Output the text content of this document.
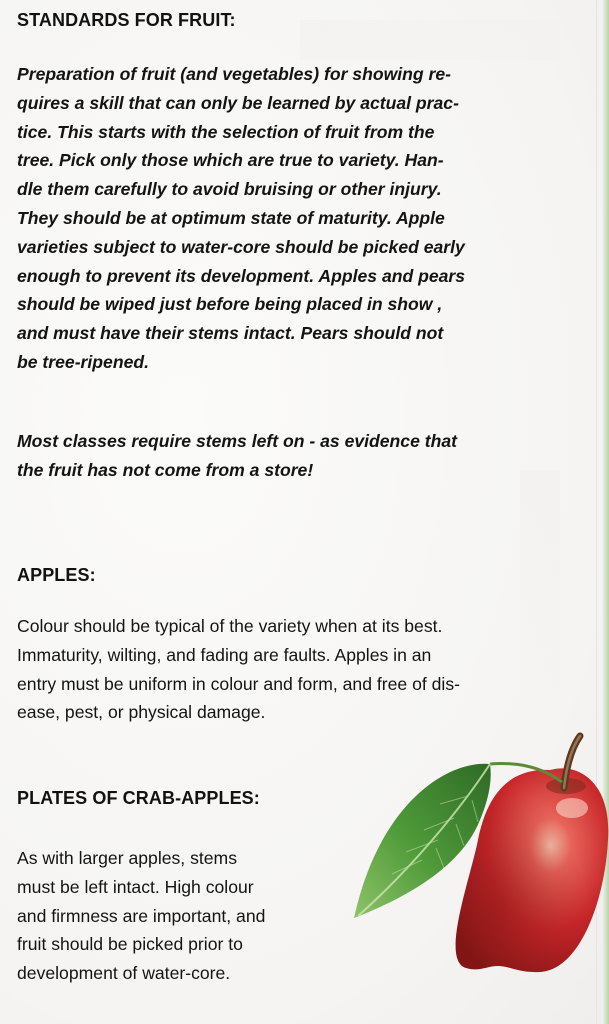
STANDARDS FOR FRUIT:

Preparation of fruit (and vegetables) for showing re-
quires a skill that can only be learned by actual prac-
tice. This starts with the selection of fruit from the
tree. Pick only those which are true to variety. Han-
dle them carefully to avoid bruising or other injury.
They should be at optimum state of maturity. Apple
varieties subject to water-core should be picked early
enough to prevent its development. Apples and pears
should be wiped just before being placed in show ,
and must have their stems intact. Pears should not
be tree-ripened.

Most classes require stems left on - as evidence that
the fruit has not come from a store!

APPLES:

Colour should be typical of the variety when at its best.
Immaturity, wilting, and fading are faults. Apples in an
entry must be uniform in colour and form, and free of dis-
ease, pest, or physical damage.

PLATES OF CRAB-APPLES:

As with larger apples, stems
must be left intact. High colour
and firmness are important, and
fruit should be picked prior to
development of water-core.
